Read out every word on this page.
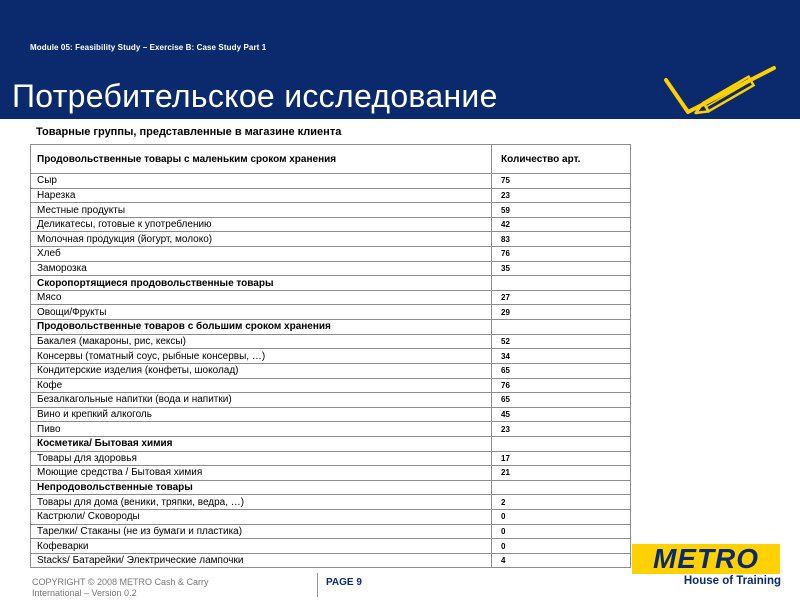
Module 05: Feasibility Study – Exercise B: Case Study Part 1
Потребительское исследование
Товарные группы, представленные в магазине клиента
Продовольственные товары с маленьким сроком хранения	Количество арт.
Сыр	75
Нарезка	23
Местные продукты	59
Деликатесы, готовые к употреблению	42
Молочная продукция (йогурт, молоко)	83
Хлеб	76
Заморозка	35
Скоропортящиеся продовольственные товары	
Мясо	27
Овощи/Фрукты	29
Продовольственные товаров с большим сроком хранения	
Бакалея (макароны, рис, кексы)	52
Консервы (томатный соус, рыбные консервы, …)	34
Кондитерские изделия (конфеты, шоколад)	65
Кофе	76
Безалкагольные напитки (вода и напитки)	65
Вино и крепкий алкоголь	45
Пиво	23
Косметика/ Бытовая химия	
Товары для здоровья	17
Моющие средства / Бытовая химия	21
Непродовольственные товары	
Товары для дома (веники, тряпки, ведра, …)	2
Кастрюли/ Сковороды	0
Тарелки/ Стаканы (не из бумаги и пластика)	0
Кофеварки	0
Stacks/ Батарейки/ Электрические лампочки	4
COPYRIGHT © 2008 METRO Cash & Carry
International – Version 0.2
PAGE 9
METRO
House of Training
